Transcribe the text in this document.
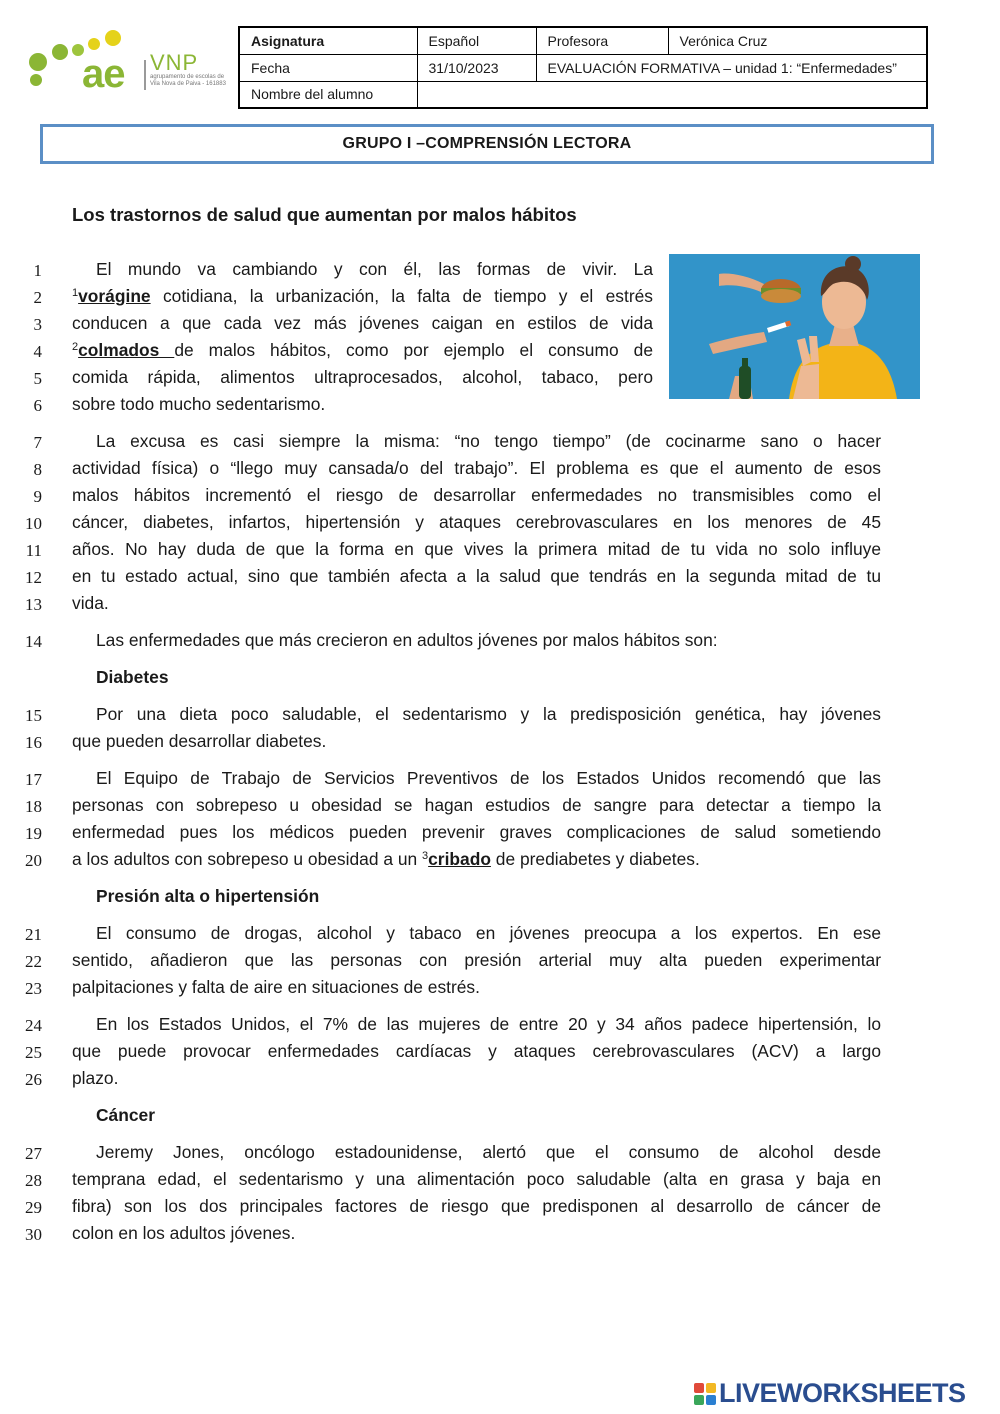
ae VNP
agrupamento de escolas de Vila Nova de Paiva - 161883
Asignatura	Español	Profesora	Verónica Cruz
Fecha	31/10/2023	EVALUACIÓN FORMATIVA – unidad 1: “Enfermedades”	
Nombre del alumno			
GRUPO I –COMPRENSIÓN LECTORA
Los trastornos de salud que aumentan por malos hábitos
1	El mundo va cambiando y con él, las formas de vivir. La
2	$^1$vorágine cotidiana, la urbanización, la falta de tiempo y el estrés
3 conducen a que cada vez más jóvenes caigan en estilos de vida
4	$^2$colmados de malos hábitos, como por ejemplo el consumo de
5 comida rápida, alimentos ultraprocesados, alcohol, tabaco, pero
6 sobre todo mucho sedentarismo.
7	La excusa es casi siempre la misma: “no tengo tiempo” (de cocinarme sano o hacer
8 actividad física) o “llego muy cansada/o del trabajo”. El problema es que el aumento de esos
9 malos hábitos incrementó el riesgo de desarrollar enfermedades no transmisibles como el
10 cáncer, diabetes, infartos, hipertensión y ataques cerebrovasculares en los menores de 45
11 años. No hay duda de que la forma en que vives la primera mitad de tu vida no solo influye
12 en tu estado actual, sino que también afecta a la salud que tendrás en la segunda mitad de tu
13 vida.
14	Las enfermedades que más crecieron en adultos jóvenes por malos hábitos son:
Diabetes
15	Por una dieta poco saludable, el sedentarismo y la predisposición genética, hay jóvenes
16 que pueden desarrollar diabetes.
17	El Equipo de Trabajo de Servicios Preventivos de los Estados Unidos recomendó que las
18 personas con sobrepeso u obesidad se hagan estudios de sangre para detectar a tiempo la
19 enfermedad pues los médicos pueden prevenir graves complicaciones de salud sometiendo
20 a los adultos con sobrepeso u obesidad a un $^3$cribado de prediabetes y diabetes.
Presión alta o hipertensión
21	El consumo de drogas, alcohol y tabaco en jóvenes preocupa a los expertos. En ese
22 sentido, añadieron que las personas con presión arterial muy alta pueden experimentar
23 palpitaciones y falta de aire en situaciones de estrés.
24	En los Estados Unidos, el 7% de las mujeres de entre 20 y 34 años padece hipertensión, lo
25 que puede provocar enfermedades cardíacas y ataques cerebrovasculares (ACV) a largo
26 plazo.
Cáncer
27	Jeremy Jones, oncólogo estadounidense, alertó que el consumo de alcohol desde
28 temprana edad, el sedentarismo y una alimentación poco saludable (alta en grasa y baja en
29 fibra) son los dos principales factores de riesgo que predisponen al desarrollo de cáncer de
30 colon en los adultos jóvenes.
LIVEWORKSHEETS
